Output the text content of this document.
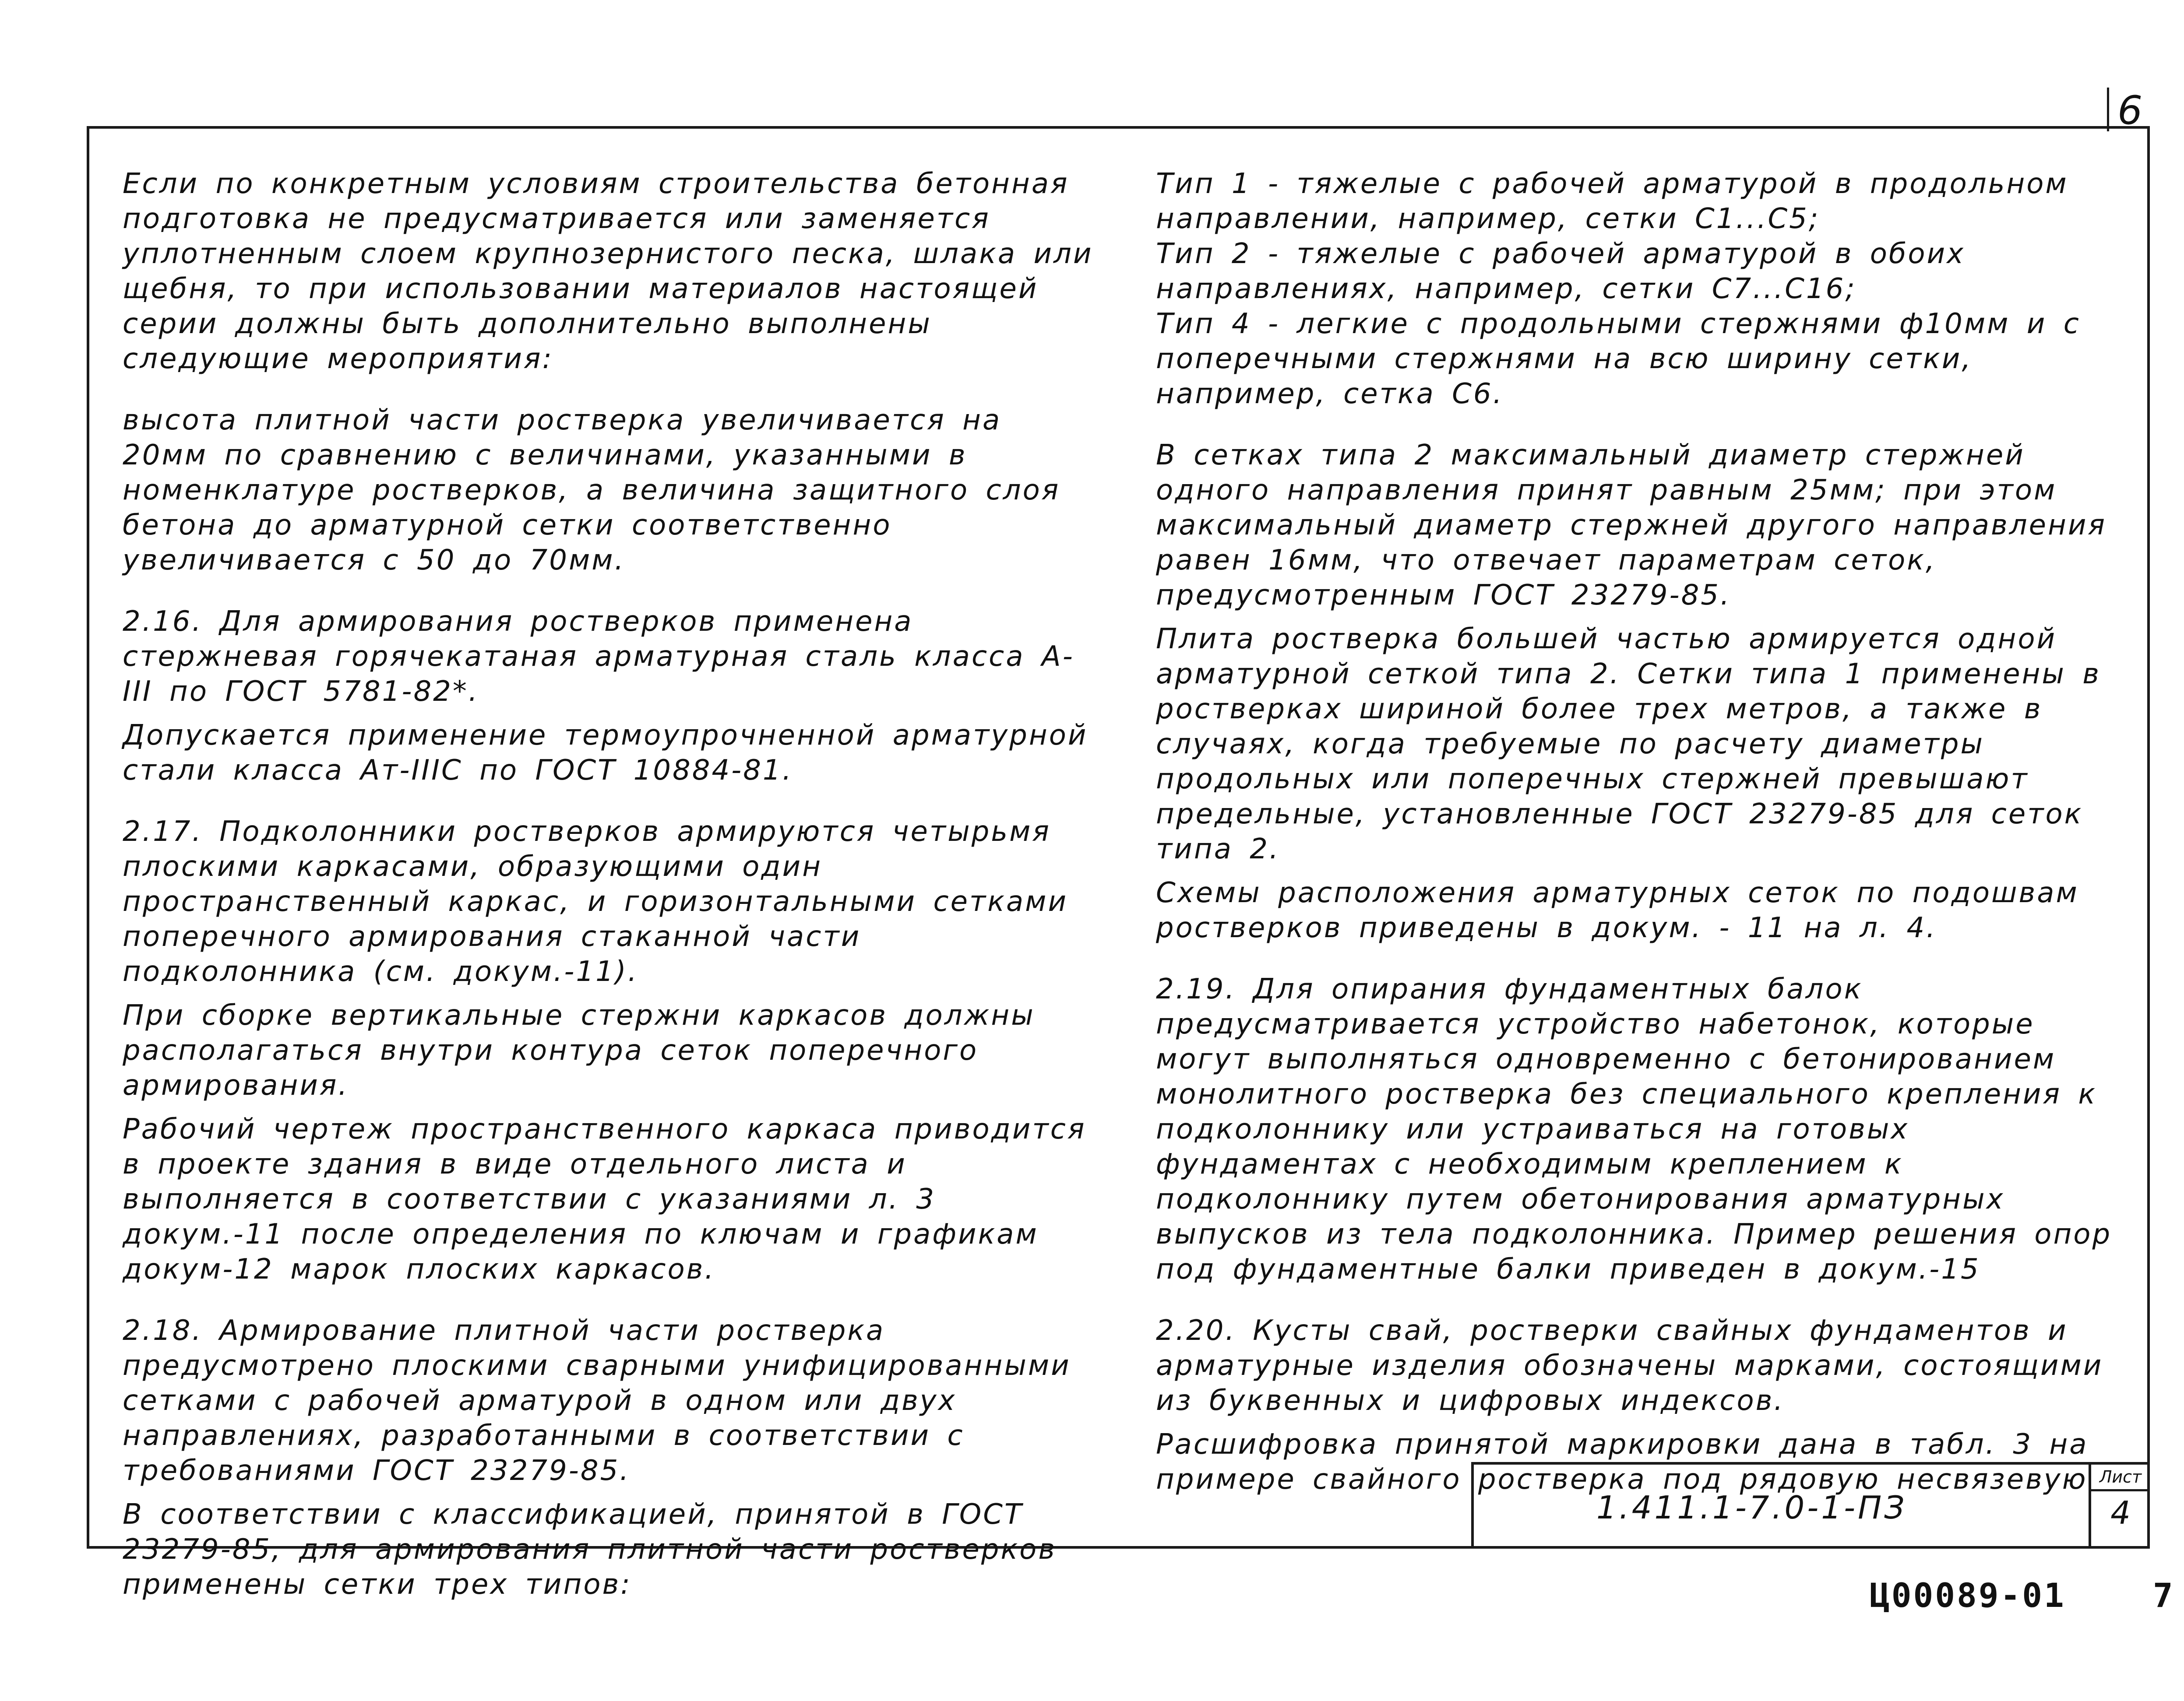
6

Если по конкретным условиям строительства бетонная подготовка не предусматривается или заменяется уплотненным слоем крупнозернистого песка, шлака или щебня, то при использовании материалов настоящей серии должны быть дополнительно выполнены следующие мероприятия:

высота плитной части ростверка увеличивается на 20мм по сравнению с величинами, указанными в номенклатуре ростверков, а величина защитного слоя бетона до арматурной сетки соответственно увеличивается с 50 до 70мм.

2.16. Для армирования ростверков применена стержневая горячекатаная арматурная сталь класса А-III по ГОСТ 5781-82*.

Допускается применение термоупрочненной арматурной стали класса Ат-IIIС по ГОСТ 10884-81.

2.17. Подколонники ростверков армируются четырьмя плоскими каркасами, образующими один пространственный каркас, и горизонтальными сетками поперечного армирования стаканной части подколонника (см. докум.-11).

При сборке вертикальные стержни каркасов должны располагаться внутри контура сеток поперечного армирования.

Рабочий чертеж пространственного каркаса приводится в проекте здания в виде отдельного листа и выполняется в соответствии с указаниями л. 3 докум.-11 после определения по ключам и графикам докум-12 марок плоских каркасов.

2.18. Армирование плитной части ростверка предусмотрено плоскими сварными унифицированными сетками с рабочей арматурой в одном или двух направлениях, разработанными в соответствии с требованиями ГОСТ 23279-85.

В соответствии с классификацией, принятой в ГОСТ 23279-85, для армирования плитной части ростверков применены сетки трех типов:

Тип 1 - тяжелые с рабочей арматурой в продольном направлении, например, сетки С1...С5;
Тип 2 - тяжелые с рабочей арматурой в обоих направлениях, например, сетки С7...С16;
Тип 4 - легкие с продольными стержнями ф10мм и с поперечными стержнями на всю ширину сетки, например, сетка С6.

В сетках типа 2 максимальный диаметр стержней одного направления принят равным 25мм; при этом максимальный диаметр стержней другого направления равен 16мм, что отвечает параметрам сеток, предусмотренным ГОСТ 23279-85.

Плита ростверка большей частью армируется одной арматурной сеткой типа 2. Сетки типа 1 применены в ростверках шириной более трех метров, а также в случаях, когда требуемые по расчету диаметры продольных или поперечных стержней превышают предельные, установленные ГОСТ 23279-85 для сеток типа 2.

Схемы расположения арматурных сеток по подошвам ростверков приведены в докум. - 11 на л. 4.

2.19. Для опирания фундаментных балок предусматривается устройство набетонок, которые могут выполняться одновременно с бетонированием монолитного ростверка без специального крепления к подколоннику или устраиваться на готовых фундаментах с необходимым креплением к подколоннику путем обетонирования арматурных выпусков из тела подколонника. Пример решения опор под фундаментные балки приведен в докум.-15

2.20. Кусты свай, ростверки свайных фундаментов и арматурные изделия обозначены марками, состоящими из буквенных и цифровых индексов.

Расшифровка принятой маркировки дана в табл. 3 на примере свайного ростверка под рядовую несвязевую

1.411.1-7.0-1-ПЗ
Лист
4
Ц00089-01	7
